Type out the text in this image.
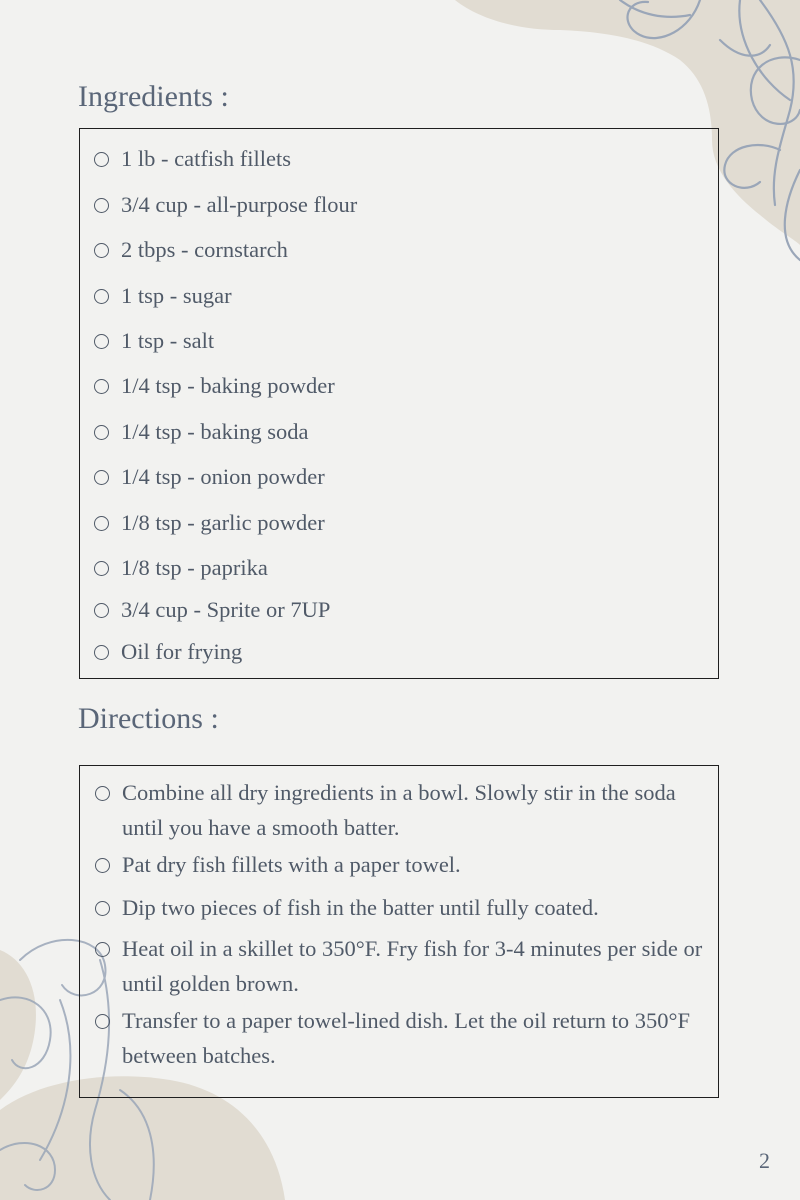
Ingredients :
1 lb - catfish fillets
3/4 cup - all-purpose flour
2 tbps - cornstarch
1 tsp - sugar
1 tsp - salt
1/4 tsp - baking powder
1/4 tsp - baking soda
1/4 tsp - onion powder
1/8 tsp - garlic powder
1/8 tsp - paprika
3/4 cup - Sprite or 7UP
Oil for frying
Directions :
Combine all dry ingredients in a bowl. Slowly stir in the soda until you have a smooth batter.
Pat dry fish fillets with a paper towel.
Dip two pieces of fish in the batter until fully coated.
Heat oil in a skillet to 350°F. Fry fish for 3-4 minutes per side or until golden brown.
Transfer to a paper towel-lined dish. Let the oil return to 350°F between batches.
2
